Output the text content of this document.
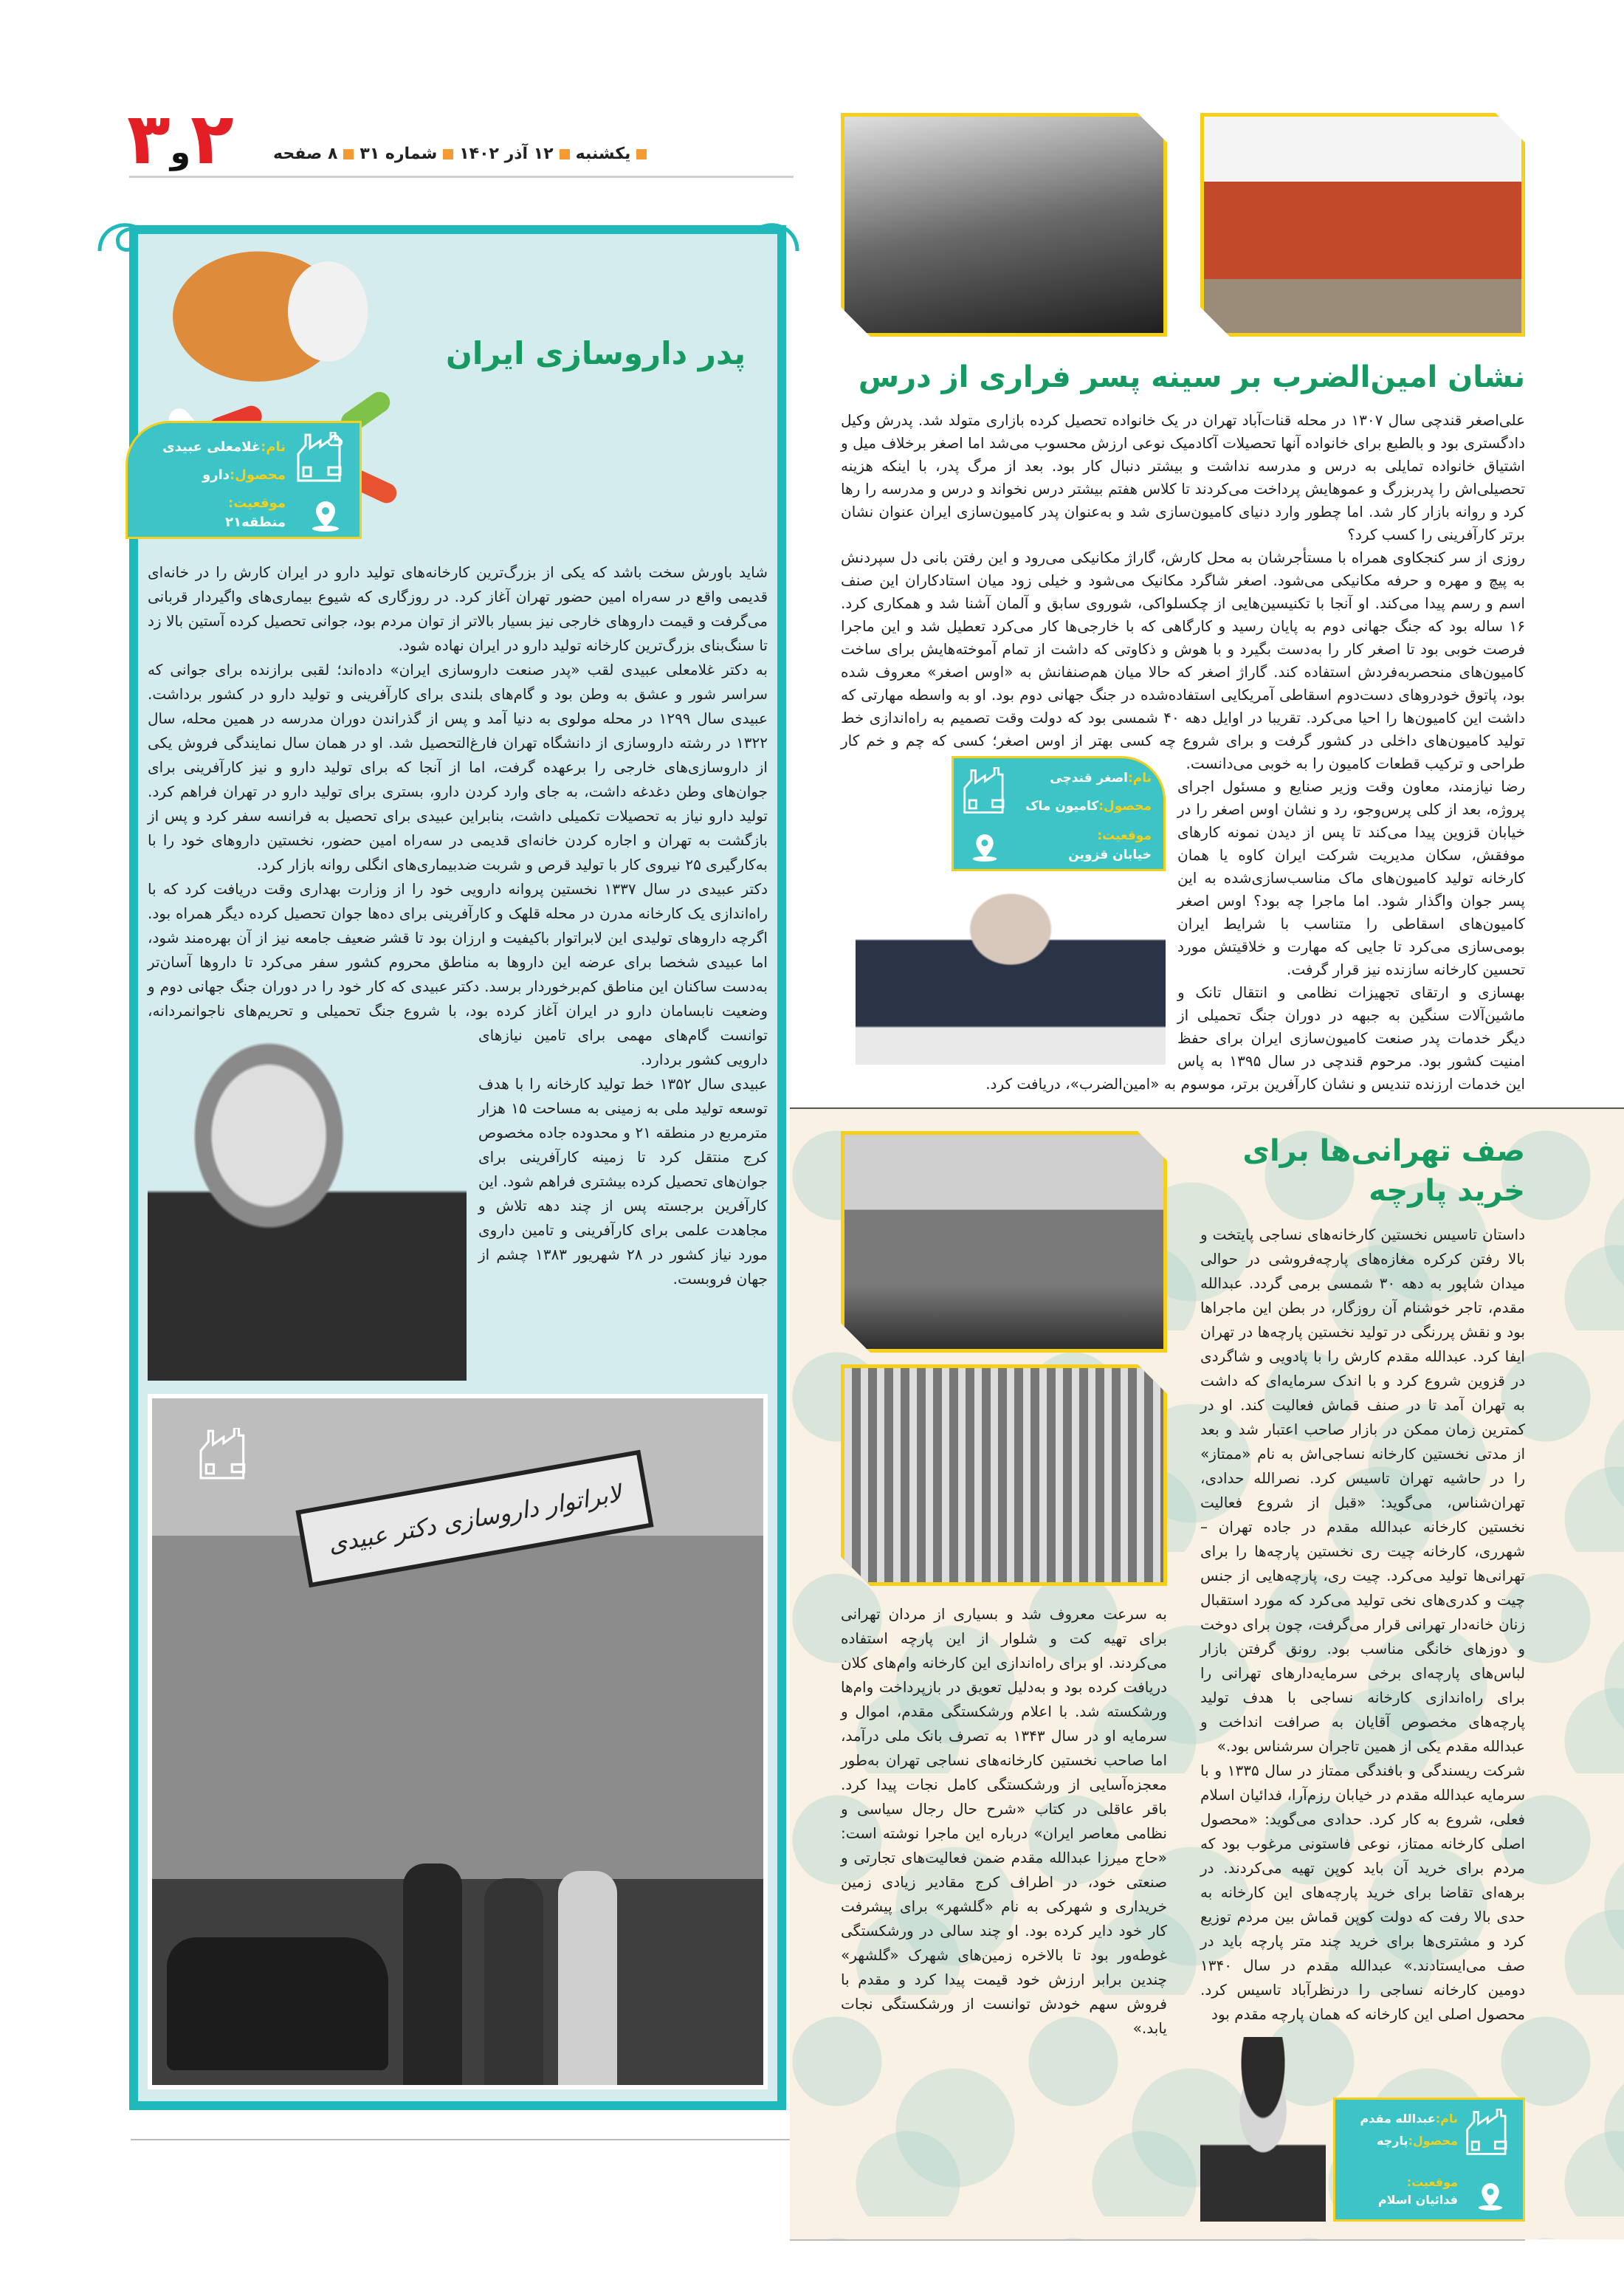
۲و۳	یکشنبه۱۲ آذر ۱۴۰۲شماره ۳۱۸ صفحه
پدر داروسازی ایران
نام:غلامعلی عبیدی
محصول:دارو
موقعیت:
منطقه۲۱

شاید باورش سخت باشد که یکی از بزرگ‌ترین کارخانه‌های تولید دارو در ایران کارش را در خانه‌ای قدیمی واقع در سه‌راه امین حضور تهران آغاز کرد. در روزگاری که شیوع بیماری‌های واگیردار قربانی می‌گرفت و قیمت داروهای خارجی نیز بسیار بالاتر از توان مردم بود، جوانی تحصیل کرده آستین بالا زد تا سنگ‌بنای بزرگ‌ترین کارخانه تولید دارو در ایران نهاده شود.

به دکتر غلامعلی عبیدی لقب «پدر صنعت داروسازی ایران» داده‌اند؛ لقبی برازنده برای جوانی که سراسر شور و عشق به وطن بود و گام‌های بلندی برای کارآفرینی و تولید دارو در کشور برداشت. عبیدی سال ۱۲۹۹ در محله مولوی به دنیا آمد و پس از گذراندن دوران مدرسه در همین محله، سال ۱۳۲۲ در رشته داروسازی از دانشگاه تهران فارغ‌التحصیل شد. او در همان سال نمایندگی فروش یکی از داروسازی‌های خارجی را برعهده گرفت، اما از آنجا که برای تولید دارو و نیز کارآفرینی برای جوان‌های وطن دغدغه داشت، به جای وارد کردن دارو، بستری برای تولید دارو در تهران فراهم کرد. تولید دارو نیاز به تحصیلات تکمیلی داشت، بنابراین عبیدی برای تحصیل به فرانسه سفر کرد و پس از بازگشت به تهران و اجاره کردن خانه‌ای قدیمی در سه‌راه امین حضور، نخستین داروهای خود را با به‌کارگیری ۲۵ نیروی کار با تولید قرص و شربت ضدبیماری‌های انگلی روانه بازار کرد.

دکتر عبیدی در سال ۱۳۳۷ نخستین پروانه دارویی خود را از وزارت بهداری وقت دریافت کرد که با راه‌اندازی یک کارخانه مدرن در محله قلهک و کارآفرینی برای ده‌ها جوان تحصیل کرده دیگر همراه بود. اگرچه داروهای تولیدی این لابراتوار باکیفیت و ارزان بود تا قشر ضعیف جامعه نیز از آن بهره‌مند شود، اما عبیدی شخصا برای عرضه این داروها به مناطق محروم کشور سفر می‌کرد تا داروها آسان‌تر به‌دست ساکنان این مناطق کم‌برخوردار برسد. دکتر عبیدی که کار خود را در دوران جنگ جهانی دوم و وضعیت نابسامان دارو در ایران آغاز کرده بود، با شروع جنگ تحمیلی و تحریم‌های ناجوانمردانه، توانست گام‌های مهمی برای تامین نیازهای دارویی کشور بردارد.

عبیدی سال ۱۳۵۲ خط تولید کارخانه را با هدف توسعه تولید ملی به زمینی به مساحت ۱۵ هزار مترمربع در منطقه ۲۱ و محدوده جاده مخصوص کرج منتقل کرد تا زمینه کارآفرینی برای جوان‌های تحصیل کرده بیشتری فراهم شود. این کارآفرین برجسته پس از چند دهه تلاش و مجاهدت علمی برای کارآفرینی و تامین داروی مورد نیاز کشور در ۲۸ شهریور ۱۳۸۳ چشم از جهان فروبست.

لابراتوار داروسازی دکتر عبیدی
نشان امین‌الضرب بر سینه پسر فراری از درس
نام:اصغر قندچی
محصول:کامیون ماک
موقعیت:
خیابان قزوین

علی‌اصغر قندچی سال ۱۳۰۷ در محله قنات‌آباد تهران در یک خانواده تحصیل کرده بازاری متولد شد. پدرش وکیل دادگستری بود و بالطبع برای خانواده آنها تحصیلات آکادمیک نوعی ارزش محسوب می‌شد اما اصغر برخلاف میل و اشتیاق خانواده تمایلی به درس و مدرسه نداشت و بیشتر دنبال کار بود. بعد از مرگ پدر، با اینکه هزینه تحصیلی‌اش را پدربزرگ و عموهایش پرداخت می‌کردند تا کلاس هفتم بیشتر درس نخواند و درس و مدرسه را رها کرد و روانه بازار کار شد. اما چطور وارد دنیای کامیون‌سازی شد و به‌عنوان پدر کامیون‌سازی ایران عنوان نشان برتر کارآفرینی را کسب کرد؟

روزی از سر کنجکاوی همراه با مستأجرشان به محل کارش، گاراژ مکانیکی می‌رود و این رفتن بانی دل سپردنش به پیچ و مهره و حرفه مکانیکی می‌شود. اصغر شاگرد مکانیک می‌شود و خیلی زود میان استادکاران این صنف اسم و رسم پیدا می‌کند. او آنجا با تکنیسین‌هایی از چکسلواکی، شوروی سابق و آلمان آشنا شد و همکاری کرد. ۱۶ ساله بود که جنگ جهانی دوم به پایان رسید و کارگاهی که با خارجی‌ها کار می‌کرد تعطیل شد و این ماجرا فرصت خوبی بود تا اصغر کار را به‌دست بگیرد و با هوش و ذکاوتی که داشت از تمام آموخته‌هایش برای ساخت کامیون‌های منحصربه‌فردش استفاده کند. گاراژ اصغر که حالا میان هم‌صنفانش به «اوس اصغر» معروف شده بود، پاتوق خودروهای دست‌دوم اسقاطی آمریکایی استفاده‌شده در جنگ جهانی دوم بود. او به واسطه مهارتی که داشت این کامیون‌ها را احیا می‌کرد. تقریبا در اوایل دهه ۴۰ شمسی بود که دولت وقت تصمیم به راه‌اندازی خط تولید کامیون‌های داخلی در کشور گرفت و برای شروع چه کسی بهتر از اوس اصغر؛ کسی که چم و خم کار طراحی و ترکیب قطعات کامیون را به خوبی می‌دانست.

رضا نیازمند، معاون وقت وزیر صنایع و مسئول اجرای پروژه، بعد از کلی پرس‌وجو، رد و نشان اوس اصغر را در خیابان قزوین پیدا می‌کند تا پس از دیدن نمونه کارهای موفقش، سکان مدیریت شرکت ایران کاوه یا همان کارخانه تولید کامیون‌های ماک مناسب‌سازی‌شده به این پسر جوان واگذار شود. اما ماجرا چه بود؟ اوس اصغر کامیون‌های اسقاطی را متناسب با شرایط ایران بومی‌سازی می‌کرد تا جایی که مهارت و خلاقیتش مورد تحسین کارخانه سازنده نیز قرار گرفت.

بهسازی و ارتقای تجهیزات نظامی و انتقال تانک و ماشین‌آلات سنگین به جبهه در دوران جنگ تحمیلی از دیگر خدمات پدر صنعت کامیون‌سازی ایران برای حفظ امنیت کشور بود. مرحوم قندچی در سال ۱۳۹۵ به پاس این خدمات ارزنده تندیس و نشان کارآفرین برتر، موسوم به «امین‌الضرب»، دریافت کرد.

به سرعت معروف شد و بسیاری از مردان تهرانی برای تهیه کت و شلوار از این پارچه استفاده می‌کردند. او برای راه‌اندازی این کارخانه وام‌های کلان دریافت کرده بود و به‌دلیل تعویق در بازپرداخت وام‌ها ورشکسته شد. با اعلام ورشکستگی مقدم، اموال و سرمایه او در سال ۱۳۴۳ به تصرف بانک ملی درآمد، اما صاحب نخستین کارخانه‌های نساجی تهران به‌طور معجزه‌آسایی از ورشکستگی کامل نجات پیدا کرد. باقر عاقلی در کتاب «شرح حال رجال سیاسی و نظامی معاصر ایران» درباره این ماجرا نوشته است: «حاج میرزا عبدالله مقدم ضمن فعالیت‌های تجارتی و صنعتی خود، در اطراف کرج مقادیر زیادی زمین خریداری و شهرکی به نام «گلشهر» برای پیشرفت کار خود دایر کرده بود. او چند سالی در ورشکستگی غوطه‌ور بود تا بالاخره زمین‌های شهرک «گلشهر» چندین برابر ارزش خود قیمت پیدا کرد و مقدم با فروش سهم خودش توانست از ورشکستگی نجات یابد.»

صف تهرانی‌ها برای خرید پارچه

داستان تاسیس نخستین کارخانه‌های نساجی پایتخت و بالا رفتن کرکره مغازه‌های پارچه‌فروشی در حوالی میدان شاپور به دهه ۳۰ شمسی برمی گردد. عبدالله مقدم، تاجر خوشنام آن روزگار، در بطن این ماجراها بود و نقش پررنگی در تولید نخستین پارچه‌ها در تهران ایفا کرد. عبدالله مقدم کارش را با پادویی و شاگردی در قزوین شروع کرد و با اندک سرمایه‌ای که داشت به تهران آمد تا در صنف قماش فعالیت کند. او در کمترین زمان ممکن در بازار صاحب اعتبار شد و بعد از مدتی نخستین کارخانه نساجی‌اش به نام «ممتاز» را در حاشیه تهران تاسیس کرد. نصرالله حدادی، تهران‌شناس، می‌گوید: «قبل از شروع فعالیت نخستین کارخانه عبدالله مقدم در جاده تهران –شهرری، کارخانه چیت ری نخستین پارچه‌ها را برای تهرانی‌ها تولید می‌کرد. چیت ری، پارچه‌هایی از جنس چیت و کدری‌های نخی تولید می‌کرد که مورد استقبال زنان خانه‌دار تهرانی قرار می‌گرفت، چون برای دوخت و دوزهای خانگی مناسب بود. رونق گرفتن بازار لباس‌های پارچه‌ای برخی سرمایه‌دارهای تهرانی را برای راه‌اندازی کارخانه نساجی با هدف تولید پارچه‌های مخصوص آقایان به صرافت انداخت و عبدالله مقدم یکی از همین تاجران سرشناس بود.»

شرکت ریسندگی و بافندگی ممتاز در سال ۱۳۳۵ و با سرمایه عبدالله مقدم در خیابان رزم‌آرا، فدائیان اسلام فعلی، شروع به کار کرد. حدادی می‌گوید: «محصول اصلی کارخانه ممتاز، نوعی فاستونی مرغوب بود که مردم برای خرید آن باید کوپن تهیه می‌کردند. در برهه‌ای تقاضا برای خرید پارچه‌های این کارخانه به حدی بالا رفت که دولت کوپن قماش بین مردم توزیع کرد و مشتری‌ها برای خرید چند متر پارچه باید در صف می‌ایستادند.» عبدالله مقدم در سال ۱۳۴۰ دومین کارخانه نساجی را درنظرآباد تاسیس کرد. محصول اصلی این کارخانه که همان پارچه مقدم بود

نام:عبدالله مقدم
محصول:پارچه
موقعیت:
فدائیان اسلام
